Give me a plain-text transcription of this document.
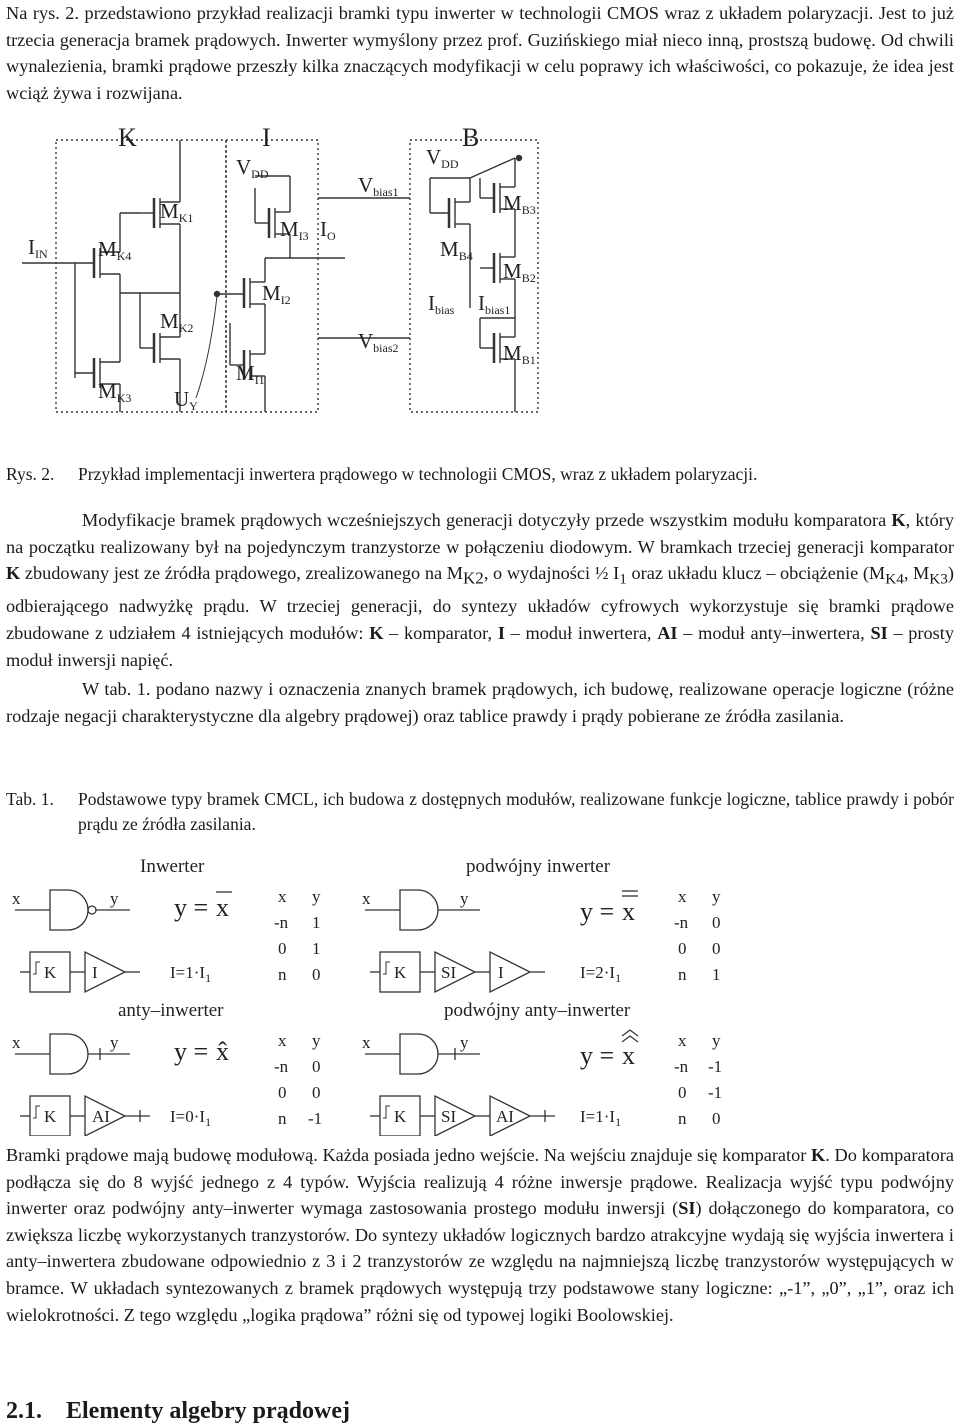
Na rys. 2. przedstawiono przykład realizacji bramki typu inwerter w technologii CMOS wraz z układem polaryzacji. Jest to już trzecia generacja bramek prądowych. Inwerter wymyślony przez prof. Guzińskiego miał nieco inną, prostszą budowę. Od chwili wynalezienia, bramki prądowe przeszły kilka znaczących modyfikacji w celu poprawy ich właściwości, co pokazuje, że idea jest wciąż żywa i rozwijana.

K	I	B
VDD
VDD
Vbias1
Vbias2
IIN
IO
Ibias Ibias1
UY
MK1
MK4
MK2
MK3
MI3
MI2
MI1
MB4
MB3
MB2
MB1
Rys. 2. Przykład implementacji inwertera prądowego w technologii CMOS, wraz z układem polaryzacji.

Modyfikacje bramek prądowych wcześniejszych generacji dotyczyły przede wszystkim modułu komparatora K, który na początku realizowany był na pojedynczym tranzystorze w połączeniu diodowym. W bramkach trzeciej generacji komparator K zbudowany jest ze źródła prądowego, zrealizowanego na $M_{K2}$, o wydajności ½ $I_1$ oraz układu klucz – obciążenie ($M_{K4}$, $M_{K3}$) odbierającego nadwyżkę prądu. W trzeciej generacji, do syntezy układów cyfrowych wykorzystuje się bramki prądowe zbudowane z udziałem 4 istniejących modułów: K – komparator, I – moduł inwertera, AI – moduł anty–inwertera, SI – prosty moduł inwersji napięć.

W tab. 1. podano nazwy i oznaczenia znanych bramek prądowych, ich budowę, realizowane operacje logiczne (różne rodzaje negacji charakterystyczne dla algebry prądowej) oraz tablice prawdy i prądy pobierane ze źródła zasilania.

Tab. 1. Podstawowe typy bramek CMCL, ich budowa z dostępnych modułów, realizowane funkcje logiczne, tablice prawdy i pobór prądu ze źródła zasilania.
Inwerter
x	y
K I
y = x
$I=1\cdot I_1$
x y
-n 1
0 1
n 0
podwójny inwerter
x	y
K SI I
y = x
$I=2\cdot I_1$
x y
-n 0
0 0
n 1
anty–inwerter
x	y
K AI
y = x̂
$I=0\cdot I_1$
x y
-n 0
0 0
n -1
podwójny anty–inwerter
x	y
K SI AI
y = x
$I=1\cdot I_1$
x y
-n -1
0 -1
n 0

Bramki prądowe mają budowę modułową. Każda posiada jedno wejście. Na wejściu znajduje się komparator K. Do komparatora podłącza się do 8 wyjść jednego z 4 typów. Wyjścia realizują 4 różne inwersje prądowe. Realizacja wyjść typu podwójny inwerter oraz podwójny anty–inwerter wymaga zastosowania prostego modułu inwersji (SI) dołączonego do komparatora, co zwiększa liczbę wykorzystanych tranzystorów. Do syntezy układów logicznych bardzo atrakcyjne wydają się wyjścia inwertera i anty–inwertera zbudowane odpowiednio z 3 i 2 tranzystorów ze względu na najmniejszą liczbę tranzystorów występujących w bramce. W układach syntezowanych z bramek prądowych występują trzy podstawowe stany logiczne: „-1”, „0”, „1”, oraz ich wielokrotności. Z tego względu „logika prądowa” różni się od typowej logiki Boolowskiej.

2.1. Elementy algebry prądowej
